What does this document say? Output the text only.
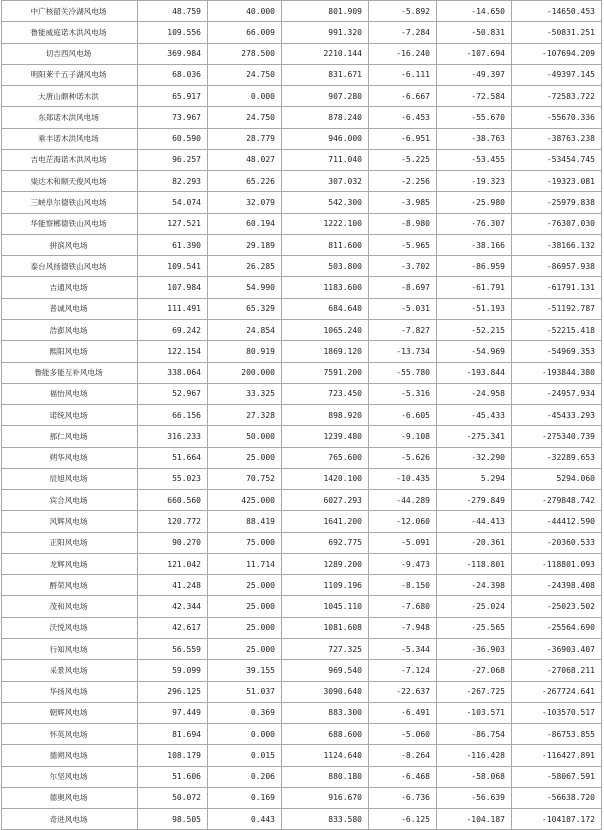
中广核韶关冷湖风电场	48.759	40.000	801.909	-5.892	-14.650	-14650.453
鲁能威庭诺木洪风电场	109.556	66.009	991.320	-7.284	-50.831	-50831.251
切吉西风电场	369.984	278.500	2210.144	-16.240	-107.694	-107694.209
明阳莱千五子湖风电场	68.036	24.750	831.671	-6.111	-49.397	-49397.145
大唐山颇种诺木洪	65.917	0.000	907.280	-6.667	-72.584	-72583.722
东郑诺木洪风电场	73.967	24.750	878.240	-6.453	-55.670	-55670.336
乘丰诺木洪风电场	60.590	28.779	946.000	-6.951	-38.763	-38763.238
吉电茫海诺木洪风电场	96.257	48.027	711.040	-5.225	-53.455	-53454.745
粜达木和顺天俊风电场	82.293	65.226	307.032	-2.256	-19.323	-19323.081
三峡阜尔德铁山风电场	54.074	32.079	542.300	-3.985	-25.980	-25979.838
华能察郴德铁山风电场	127.521	60.194	1222.100	-8.980	-76.307	-76307.030
拼滨风电场	61.390	29.189	811.600	-5.965	-38.166	-38166.132
泰台风扬德铁山风电场	109.541	26.285	503.800	-3.702	-86.959	-86957.938
吉通风电场	107.984	54.990	1183.600	-8.697	-61.791	-61791.131
普诚风电场	111.491	65.329	684.640	-5.031	-51.193	-51192.787
浩澎风电场	69.242	24.854	1065.240	-7.827	-52.215	-52215.418
熙阳风电场	122.154	80.919	1869.120	-13.734	-54.969	-54969.353
鲁能多能互补风电场	338.064	200.000	7591.200	-55.780	-193.844	-193844.380
福怡风电场	52.967	33.325	723.450	-5.316	-24.958	-24957.934
诺统风电场	66.156	27.328	898.920	-6.605	-45.433	-45433.293
那仁风电场	316.233	50.000	1239.480	-9.108	-275.341	-275340.739
朔华风电场	51.664	25.000	765.600	-5.626	-32.290	-32289.653
辰旭风电场	55.023	70.752	1420.100	-10.435	5.294	5294.060
宾合风电场	660.560	425.000	6027.293	-44.289	-279.849	-279848.742
风辉风电场	120.772	88.419	1641.200	-12.060	-44.413	-44412.590
正阳风电场	90.270	75.000	692.775	-5.091	-20.361	-20360.533
龙辉风电场	121.042	11.714	1289.200	-9.473	-118.801	-118801.093
酹荣风电场	41.248	25.000	1109.196	-8.150	-24.398	-24398.408
茂和风电场	42.344	25.000	1045.110	-7.680	-25.024	-25023.502
沃悦风电场	42.617	25.000	1081.608	-7.948	-25.565	-25564.690
行知风电场	56.559	25.000	727.325	-5.344	-36.903	-36903.407
采景风电场	59.099	39.155	969.540	-7.124	-27.068	-27068.211
华扬风电场	296.125	51.037	3090.640	-22.637	-267.725	-267724.641
朝辉风电场	97.449	0.369	883.300	-6.491	-103.571	-103570.517
怀英风电场	81.694	0.000	688.600	-5.060	-86.754	-86753.855
德朔风电场	108.179	0.015	1124.640	-8.264	-116.428	-116427.891
尔坚风电场	51.606	0.206	880.180	-6.468	-58.068	-58067.591
德奥风电场	50.072	0.169	916.670	-6.736	-56.639	-56638.720
奇进风电场	98.505	0.443	833.580	-6.125	-104.187	-104187.172
